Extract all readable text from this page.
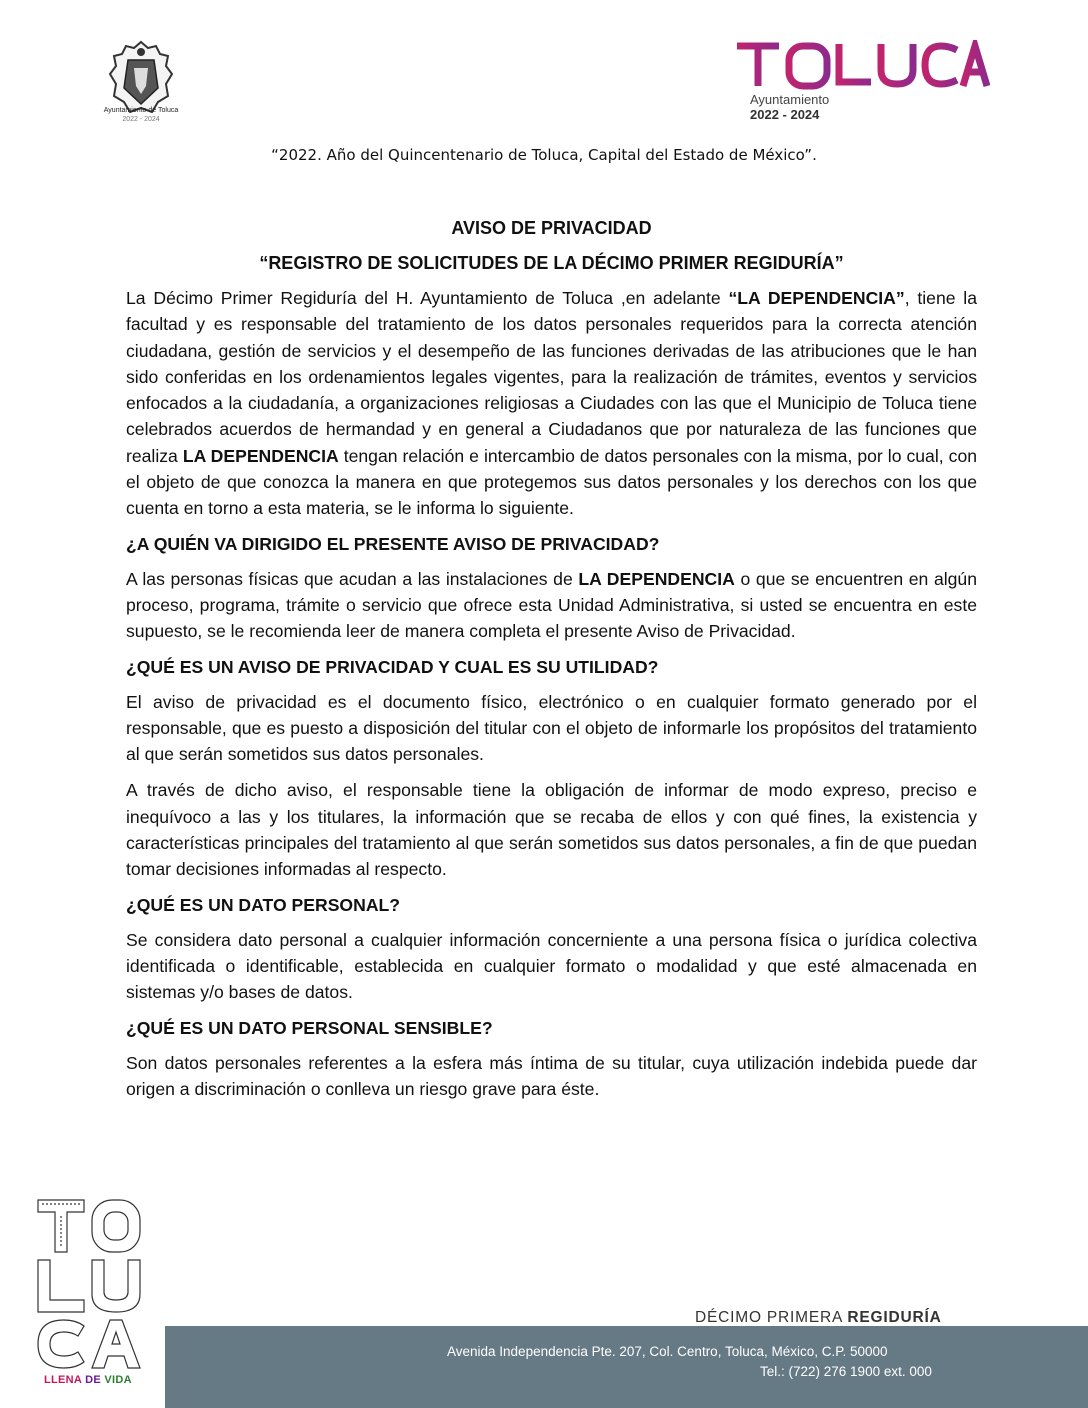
Ayuntamiento de Toluca
2022 - 2024
Ayuntamiento
2022 - 2024
“2022. Año del Quincentenario de Toluca, Capital del Estado de México”.
AVISO DE PRIVACIDAD
“REGISTRO DE SOLICITUDES DE LA DÉCIMO PRIMER REGIDURÍA”

La Décimo Primer Regiduría del H. Ayuntamiento de Toluca ,en adelante “LA DEPENDENCIA”, tiene la facultad y es responsable del tratamiento de los datos personales requeridos para la correcta atención ciudadana, gestión de servicios y el desempeño de las funciones derivadas de las atribuciones que le han sido conferidas en los ordenamientos legales vigentes, para la realización de trámites, eventos y servicios enfocados a la ciudadanía, a organizaciones religiosas a Ciudades con las que el Municipio de Toluca tiene celebrados acuerdos de hermandad y en general a Ciudadanos que por naturaleza de las funciones que realiza LA DEPENDENCIA tengan relación e intercambio de datos personales con la misma, por lo cual, con el objeto de que conozca la manera en que protegemos sus datos personales y los derechos con los que cuenta en torno a esta materia, se le informa lo siguiente.

¿A QUIÉN VA DIRIGIDO EL PRESENTE AVISO DE PRIVACIDAD?

A las personas físicas que acudan a las instalaciones de LA DEPENDENCIA o que se encuentren en algún proceso, programa, trámite o servicio que ofrece esta Unidad Administrativa, si usted se encuentra en este supuesto, se le recomienda leer de manera completa el presente Aviso de Privacidad.

¿QUÉ ES UN AVISO DE PRIVACIDAD Y CUAL ES SU UTILIDAD?

El aviso de privacidad es el documento físico, electrónico o en cualquier formato generado por el responsable, que es puesto a disposición del titular con el objeto de informarle los propósitos del tratamiento al que serán sometidos sus datos personales.

A través de dicho aviso, el responsable tiene la obligación de informar de modo expreso, preciso e inequívoco a las y los titulares, la información que se recaba de ellos y con qué fines, la existencia y características principales del tratamiento al que serán sometidos sus datos personales, a fin de que puedan tomar decisiones informadas al respecto.

¿QUÉ ES UN DATO PERSONAL?

Se considera dato personal a cualquier información concerniente a una persona física o jurídica colectiva identificada o identificable, establecida en cualquier formato o modalidad y que esté almacenada en sistemas y/o bases de datos.

¿QUÉ ES UN DATO PERSONAL SENSIBLE?

Son datos personales referentes a la esfera más íntima de su titular, cuya utilización indebida puede dar origen a discriminación o conlleva un riesgo grave para éste.

LLENA DE VIDA
DÉCIMO PRIMERA REGIDURÍA
Avenida Independencia Pte. 207, Col. Centro, Toluca, México, C.P. 50000
Tel.: (722) 276 1900 ext. 000
